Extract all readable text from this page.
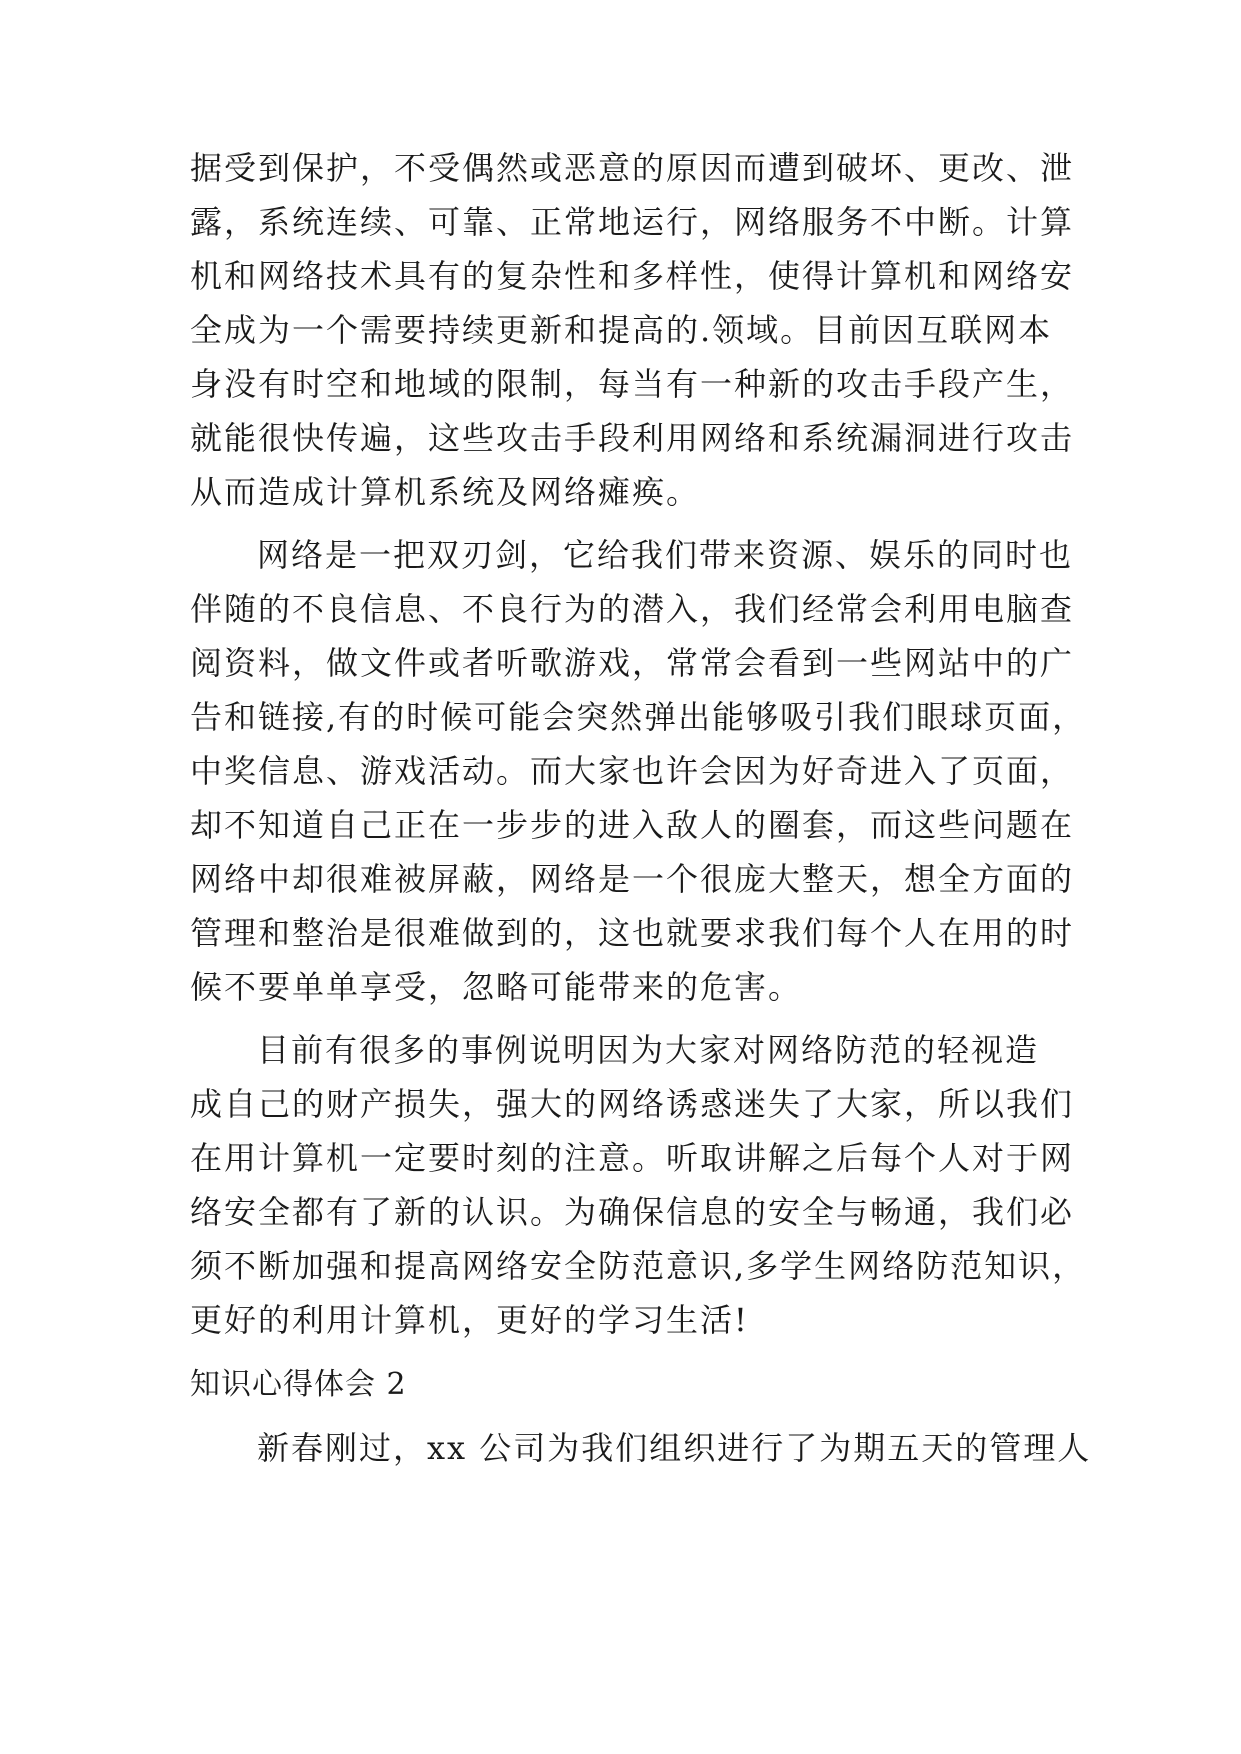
据受到保护，不受偶然或恶意的原因而遭到破坏、更改、泄
露，系统连续、可靠、正常地运行，网络服务不中断。计算
机和网络技术具有的复杂性和多样性，使得计算机和网络安
全成为一个需要持续更新和提高的.领域。目前因互联网本
身没有时空和地域的限制，每当有一种新的攻击手段产生，
就能很快传遍，这些攻击手段利用网络和系统漏洞进行攻击
从而造成计算机系统及网络瘫痪。
网络是一把双刃剑，它给我们带来资源、娱乐的同时也
伴随的不良信息、不良行为的潜入，我们经常会利用电脑查
阅资料，做文件或者听歌游戏，常常会看到一些网站中的广
告和链接,有的时候可能会突然弹出能够吸引我们眼球页面，
中奖信息、游戏活动。而大家也许会因为好奇进入了页面，
却不知道自己正在一步步的进入敌人的圈套，而这些问题在
网络中却很难被屏蔽，网络是一个很庞大整天，想全方面的
管理和整治是很难做到的，这也就要求我们每个人在用的时
候不要单单享受，忽略可能带来的危害。
目前有很多的事例说明因为大家对网络防范的轻视造
成自己的财产损失，强大的网络诱惑迷失了大家，所以我们
在用计算机一定要时刻的注意。听取讲解之后每个人对于网
络安全都有了新的认识。为确保信息的安全与畅通，我们必
须不断加强和提高网络安全防范意识,多学生网络防范知识，
更好的利用计算机，更好的学习生活!
知识心得体会 2
新春刚过，xx 公司为我们组织进行了为期五天的管理人
